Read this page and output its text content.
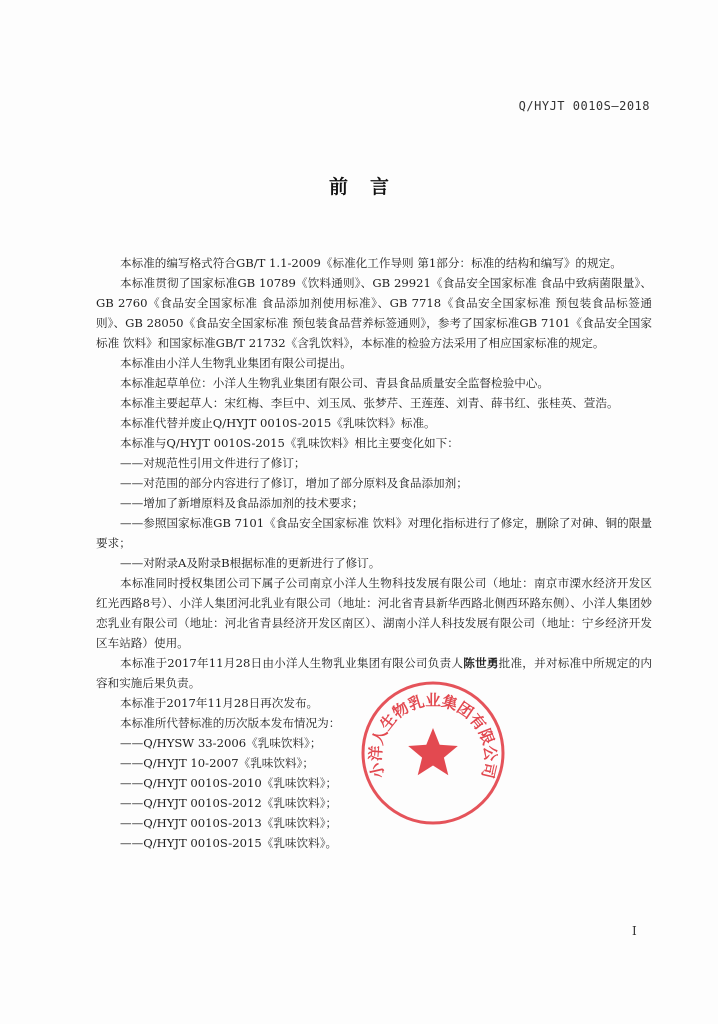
Q/HYJT 0010S—2018
前言

本标准的编写格式符合GB/T 1.1-2009《标准化工作导则 第1部分：标准的结构和编写》的规定。

本标准贯彻了国家标准GB 10789《饮料通则》、GB 29921《食品安全国家标准 食品中致病菌限量》、GB 2760《食品安全国家标准 食品添加剂使用标准》、GB 7718《食品安全国家标准 预包装食品标签通则》、GB 28050《食品安全国家标准 预包装食品营养标签通则》，参考了国家标准GB 7101《食品安全国家标准 饮料》和国家标准GB/T 21732《含乳饮料》，本标准的检验方法采用了相应国家标准的规定。

本标准由小洋人生物乳业集团有限公司提出。

本标准起草单位：小洋人生物乳业集团有限公司、青县食品质量安全监督检验中心。

本标准主要起草人：宋红梅、李巨中、刘玉凤、张梦芹、王莲莲、刘青、薛书红、张桂英、萱浩。

本标准代替并废止Q/HYJT 0010S-2015《乳味饮料》标准。

本标准与Q/HYJT 0010S-2015《乳味饮料》相比主要变化如下：

——对规范性引用文件进行了修订；

——对范围的部分内容进行了修订，增加了部分原料及食品添加剂；

——增加了新增原料及食品添加剂的技术要求；

——参照国家标准GB 7101《食品安全国家标准 饮料》对理化指标进行了修定，删除了对砷、铜的限量要求；

——对附录A及附录B根据标准的更新进行了修订。

本标准同时授权集团公司下属子公司南京小洋人生物科技发展有限公司（地址：南京市溧水经济开发区红光西路8号）、小洋人集团河北乳业有限公司（地址：河北省青县新华西路北侧西环路东侧）、小洋人集团妙恋乳业有限公司（地址：河北省青县经济开发区南区）、湖南小洋人科技发展有限公司（地址：宁乡经济开发区车站路）使用。

本标准于2017年11月28日由小洋人生物乳业集团有限公司负责人陈世勇批准，并对标准中所规定的内容和实施后果负责。

本标准于2017年11月28日再次发布。

本标准所代替标准的历次版本发布情况为：

——Q/HYSW 33-2006《乳味饮料》；

——Q/HYJT 10-2007《乳味饮料》；

——Q/HYJT 0010S-2010《乳味饮料》；

——Q/HYJT 0010S-2012《乳味饮料》；

——Q/HYJT 0010S-2013《乳味饮料》；

——Q/HYJT 0010S-2015《乳味饮料》。

小洋人生物乳业集团有限公司
I
